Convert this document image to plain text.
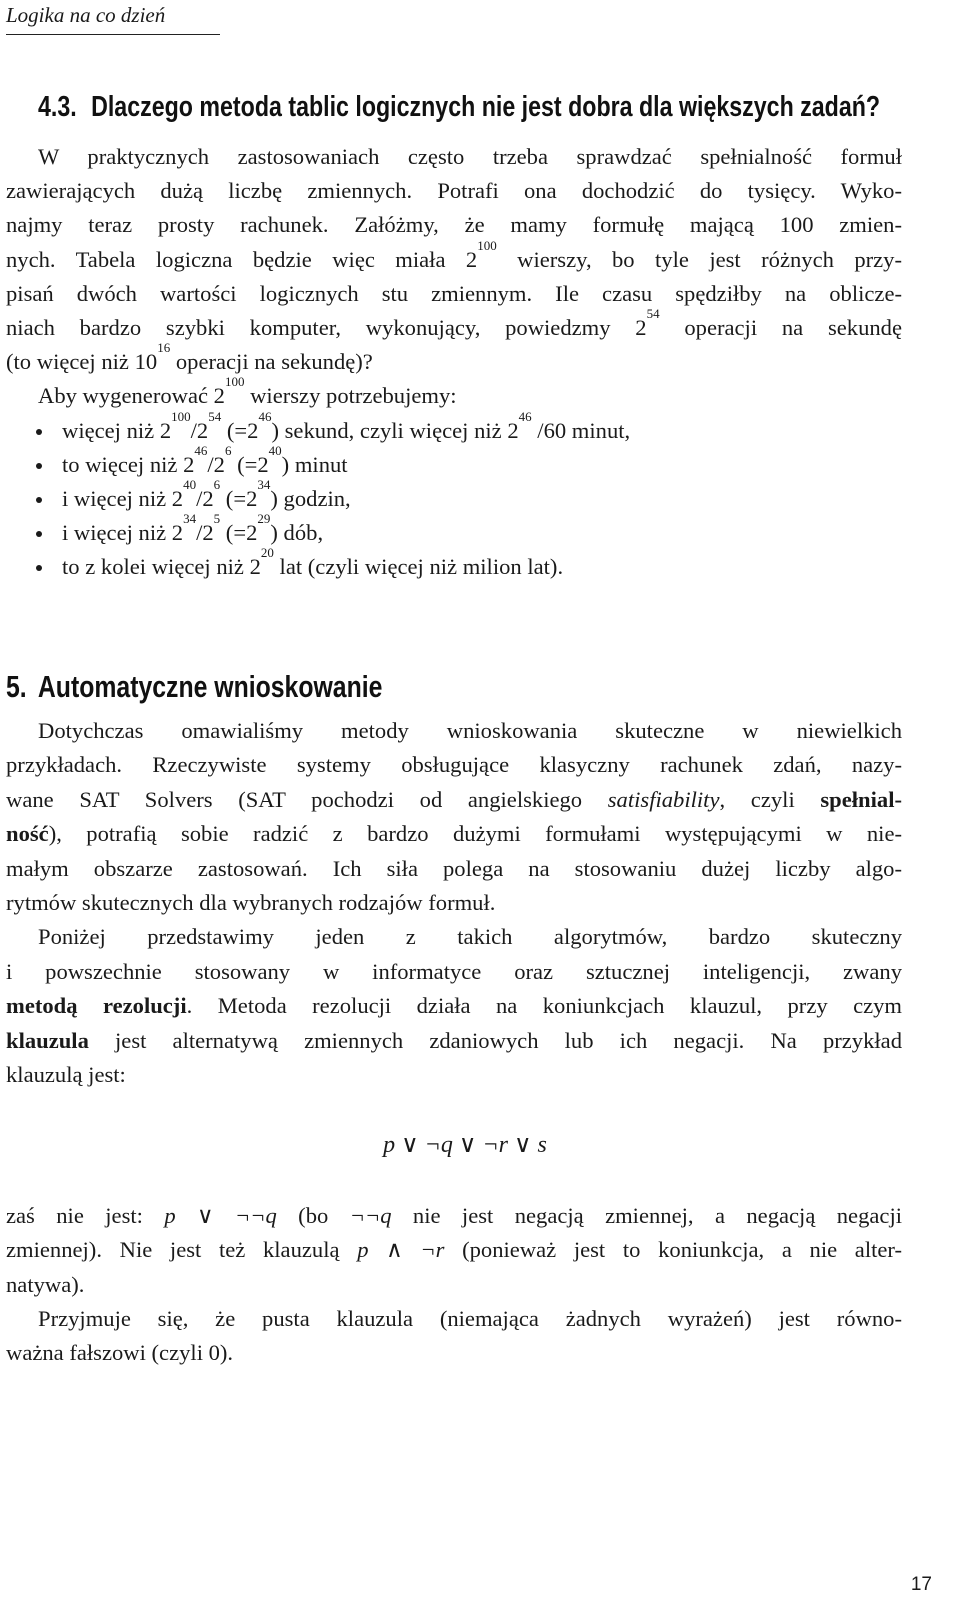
Logika na co dzień
4.3. Dlaczego metoda tablic logicznych nie jest dobra dla większych zadań?
W praktycznych zastosowaniach często trzeba sprawdzać spełnialność formuł
zawierających dużą liczbę zmiennych. Potrafi ona dochodzić do tysięcy. Wyko-
najmy teraz prosty rachunek. Załóżmy, że mamy formułę mającą 100 zmien-
nych. Tabela logiczna będzie więc miała $2^{100}$ wierszy, bo tyle jest różnych przy-
pisań dwóch wartości logicznych stu zmiennym. Ile czasu spędziłby na oblicze-
niach bardzo szybki komputer, wykonujący, powiedzmy $2^{54}$ operacji na sekundę
(to więcej niż $10^{16}$ operacji na sekundę)?
Aby wygenerować $2^{100}$ wierszy potrzebujemy:
więcej niż $2^{100}/2^{54}$ $(=2^{46})$ sekund, czyli więcej niż $2^{46}$ /60 minut,
to więcej niż $2^{46}/2^6$ $(=2^{40})$ minut
i więcej niż $2^{40}/2^6$ $(=2^{34})$ godzin,
i więcej niż $2^{34}/2^5$ $(=2^{29})$ dób,
to z kolei więcej niż $2^{20}$ lat (czyli więcej niż milion lat).
5. Automatyczne wnioskowanie
Dotychczas omawialiśmy metody wnioskowania skuteczne w niewielkich
przykładach. Rzeczywiste systemy obsługujące klasyczny rachunek zdań, nazy-
wane SAT Solvers (SAT pochodzi od angielskiego satisfiability, czyli spełnial-
ność), potrafią sobie radzić z bardzo dużymi formułami występującymi w nie-
małym obszarze zastosowań. Ich siła polega na stosowaniu dużej liczby algo-
rytmów skutecznych dla wybranych rodzajów formuł.
Poniżej przedstawimy jeden z takich algorytmów, bardzo skuteczny
i powszechnie stosowany w informatyce oraz sztucznej inteligencji, zwany
metodą rezolucji. Metoda rezolucji działa na koniunkcjach klauzul, przy czym
klauzula jest alternatywą zmiennych zdaniowych lub ich negacji. Na przykład
klauzulą jest:
p ∨ ¬q ∨ ¬r ∨ s
zaś nie jest: p ∨ ¬¬q (bo ¬¬q nie jest negacją zmiennej, a negacją negacji
zmiennej). Nie jest też klauzulą p ∧ ¬r (ponieważ jest to koniunkcja, a nie alter-
natywa).
Przyjmuje się, że pusta klauzula (niemająca żadnych wyrażeń) jest równo-
ważna fałszowi (czyli 0).
17
